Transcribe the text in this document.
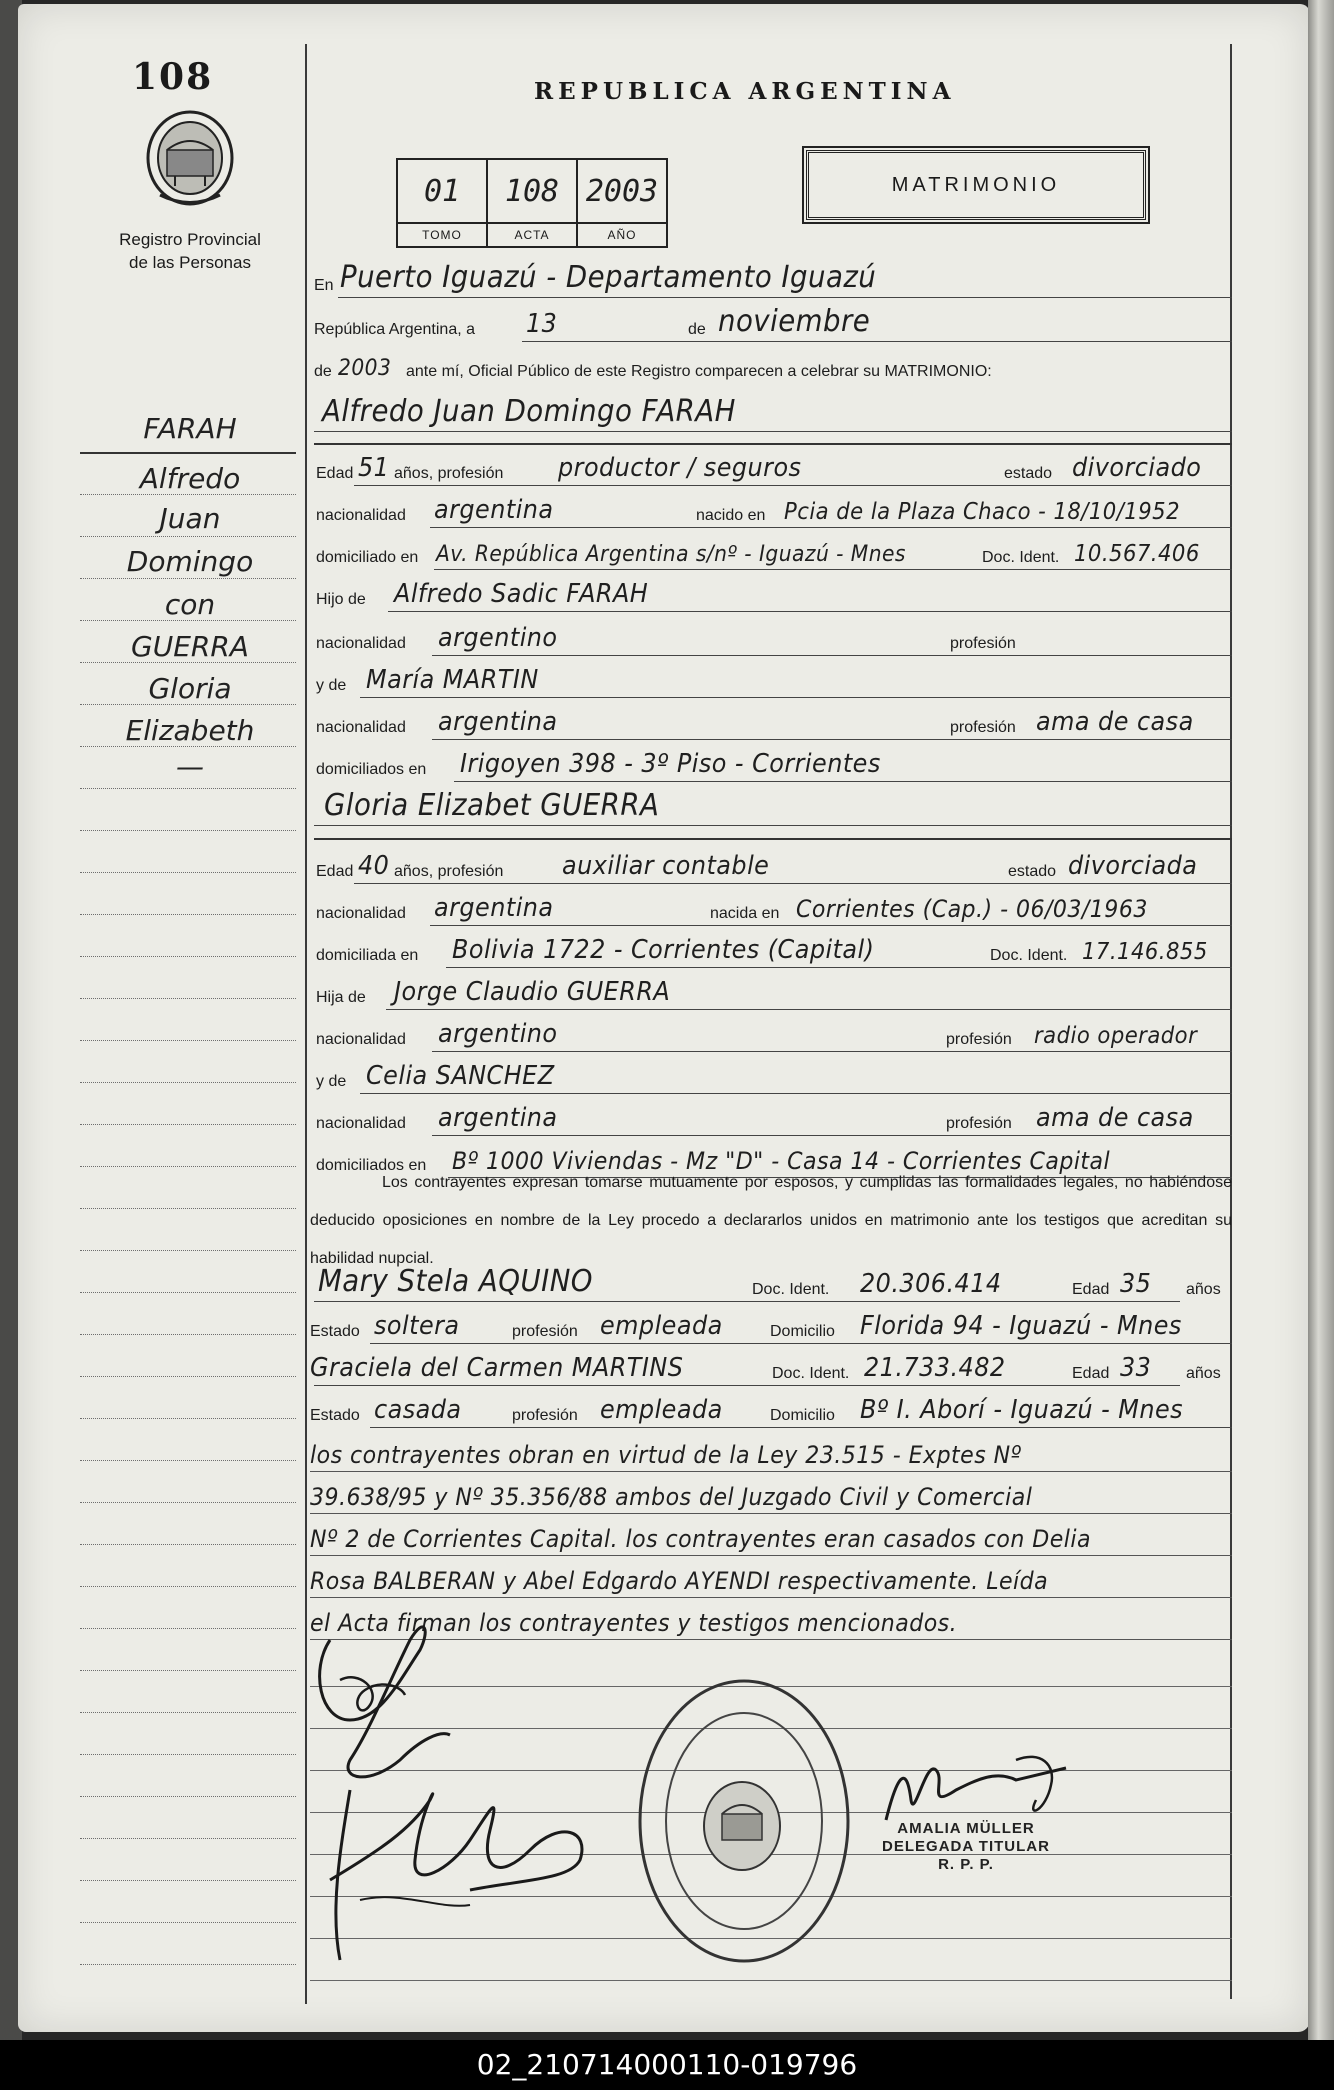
108
Registro Provincial
de las Personas
FARAH
Alfredo
Juan
Domingo
con
GUERRA
Gloria
Elizabeth
—
REPUBLICA ARGENTINA
01
TOMO
108
ACTA
2003
AÑO
MATRIMONIO
En Puerto Iguazú - Departamento Iguazú
República Argentina, a 13	de noviembre
de 2003 ante mí, Oficial Público de este Registro comparecen a celebrar su MATRIMONIO:
Alfredo Juan Domingo FARAH
Edad 51 años, profesión productor / seguros	estado divorciado
nacionalidad argentina	nacido en Pcia de la Plaza Chaco - 18/10/1952
domiciliado en Av. República Argentina s/nº - Iguazú - Mnes	Doc. Ident. 10.567.406
Hijo de Alfredo Sadic FARAH
nacionalidad argentino	profesión
y de María MARTIN
nacionalidad argentina	profesión ama de casa
domiciliados en Irigoyen 398 - 3º Piso - Corrientes
Gloria Elizabet GUERRA
Edad 40 años, profesión auxiliar contable	estado divorciada
nacionalidad argentina	nacida en Corrientes (Cap.) - 06/03/1963
domiciliada en Bolivia 1722 - Corrientes (Capital)	Doc. Ident. 17.146.855
Hija de Jorge Claudio GUERRA
nacionalidad argentino	profesión radio operador
y de Celia SANCHEZ
nacionalidad argentina	profesión ama de casa
domiciliados en Bº 1000 Viviendas - Mz "D" - Casa 14 - Corrientes Capital
Los contrayentes expresan tomarse mutuamente por esposos, y cumplidas las formalidades legales, no habiéndose deducido oposiciones en nombre de la Ley procedo a declararlos unidos en matrimonio ante los testigos que acreditan su habilidad nupcial.
Mary Stela AQUINO	Doc. Ident. 20.306.414	Edad 35 años
Estado soltera	profesión empleada	Domicilio Florida 94 - Iguazú - Mnes
Graciela del Carmen MARTINS	Doc. Ident. 21.733.482	Edad 33 años
Estado casada	profesión empleada	Domicilio Bº I. Aborí - Iguazú - Mnes
los contrayentes obran en virtud de la Ley 23.515 - Exptes Nº
39.638/95 y Nº 35.356/88 ambos del Juzgado Civil y Comercial
Nº 2 de Corrientes Capital. los contrayentes eran casados con Delia
Rosa BALBERAN y Abel Edgardo AYENDI respectivamente. Leída
el Acta firman los contrayentes y testigos mencionados.
AMALIA MÜLLER
DELEGADA TITULAR
R. P. P.
02_210714000110-019796
